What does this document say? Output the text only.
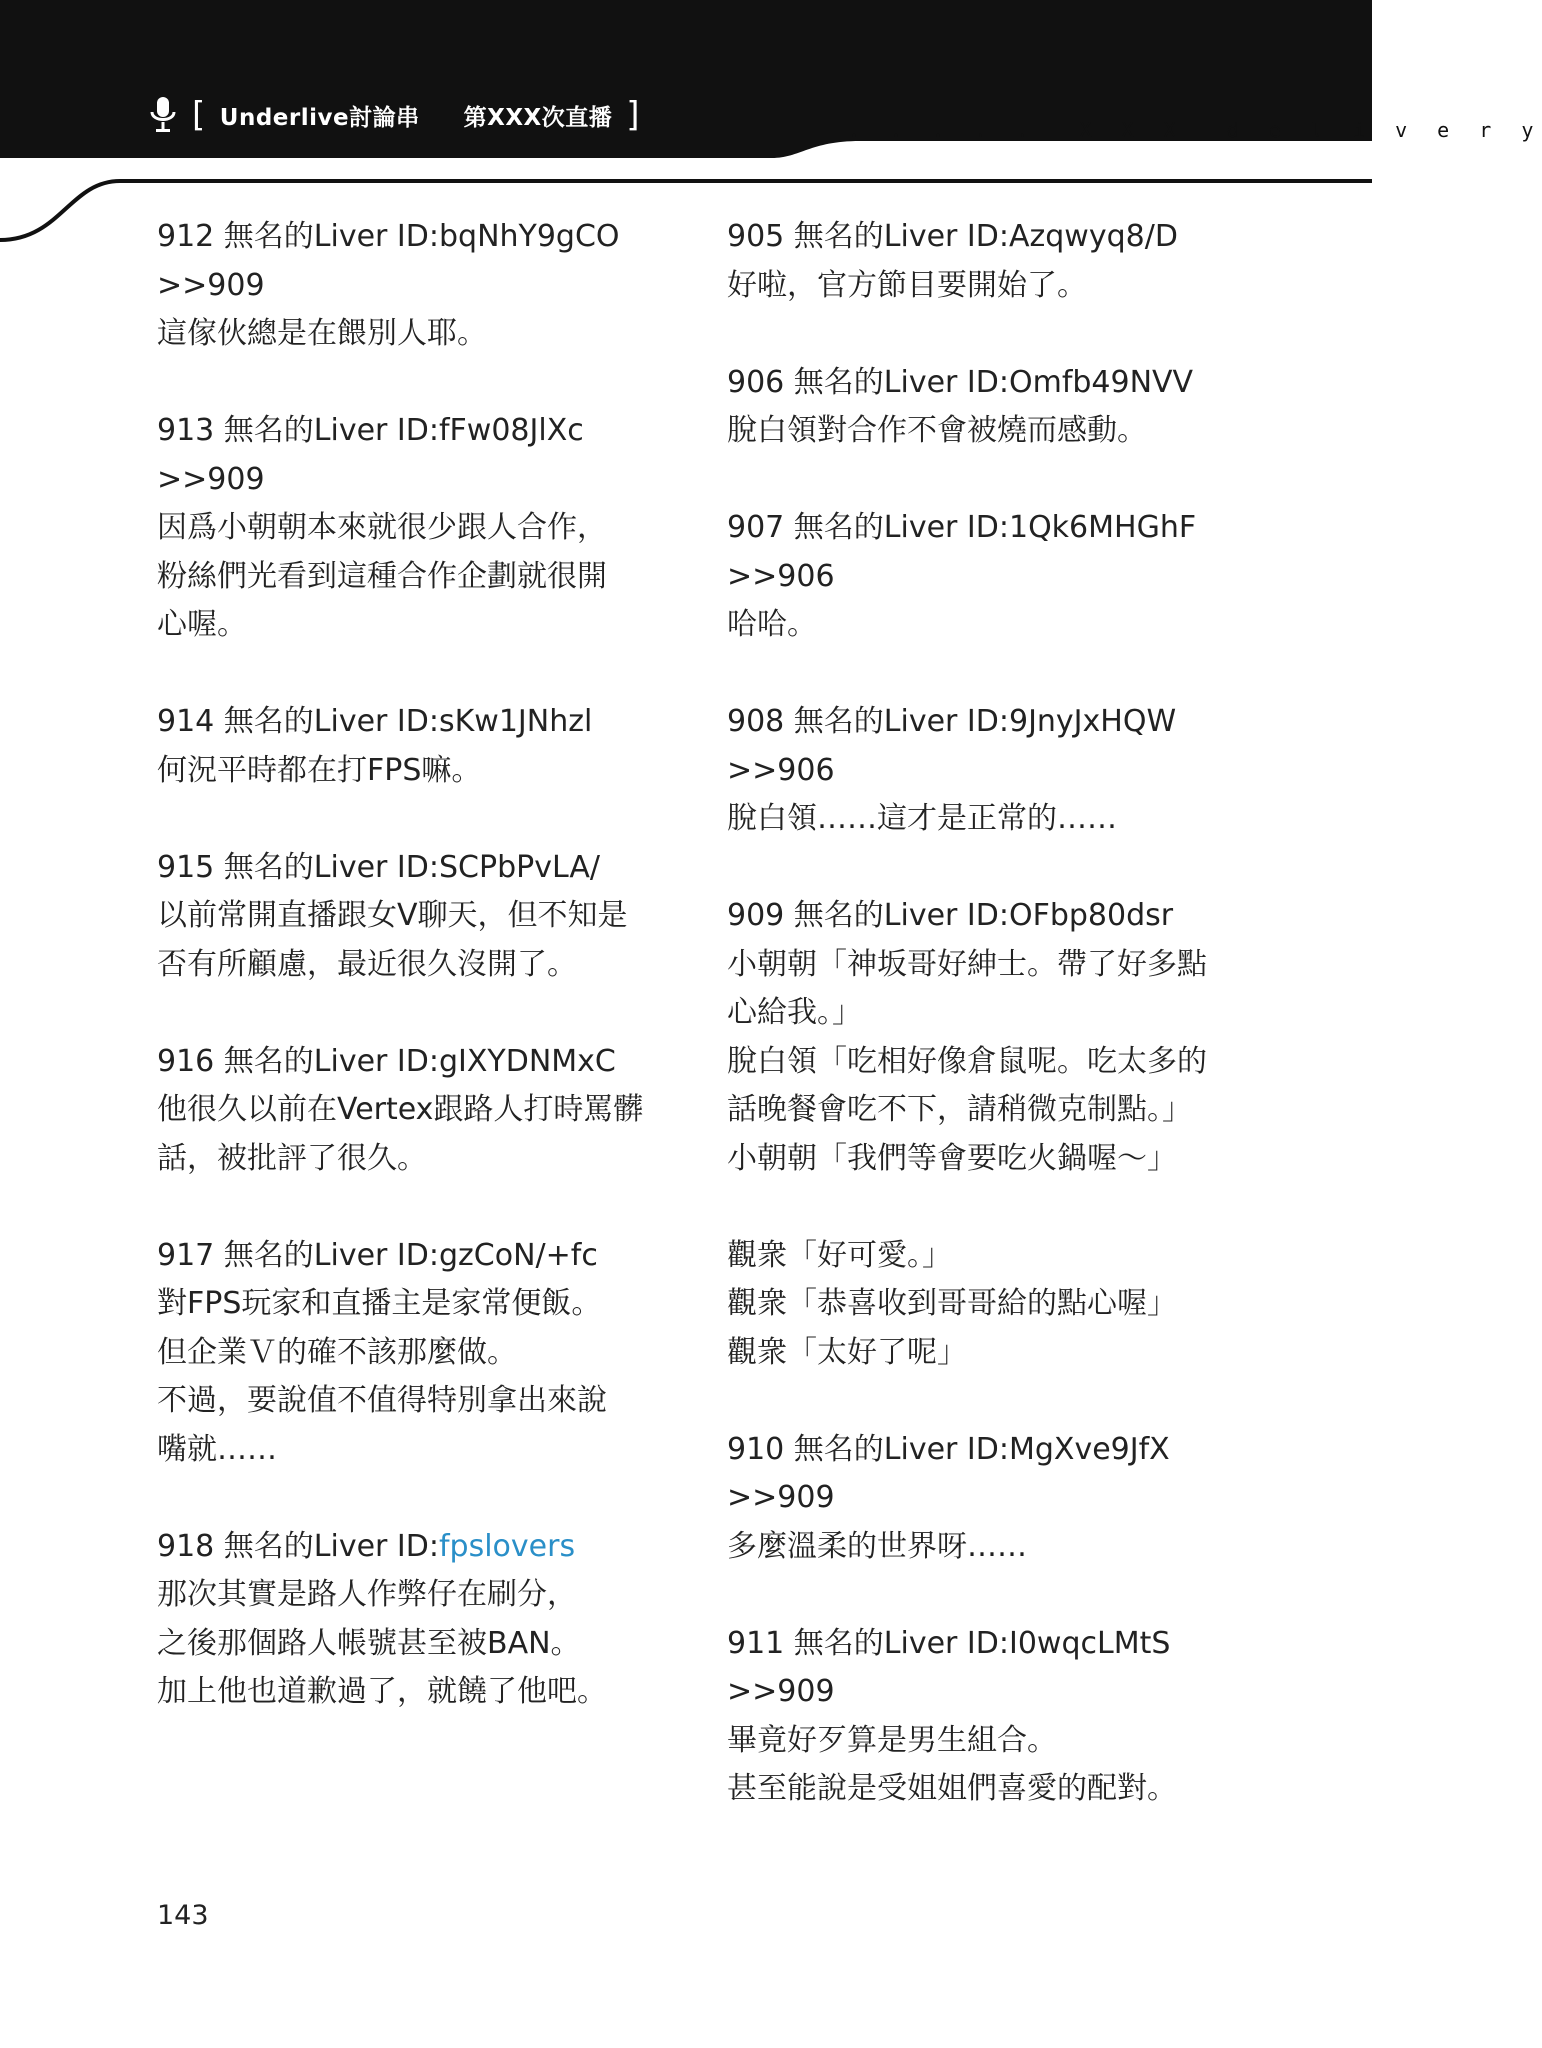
[ Underlive討論串 第XXX次直播 ]	. . . . .  X X X  d e l i v e r y
912 無名的Liver ID:bqNhY9gCO
>>909
這傢伙總是在餵別人耶。
913 無名的Liver ID:fFw08JlXc
>>909
因爲小朝朝本來就很少跟人合作，
粉絲們光看到這種合作企劃就很開
心喔。
914 無名的Liver ID:sKw1JNhzl
何況平時都在打FPS嘛。
915 無名的Liver ID:SCPbPvLA/
以前常開直播跟女V聊天，但不知是
否有所顧慮，最近很久沒開了。
916 無名的Liver ID:gIXYDNMxC
他很久以前在Vertex跟路人打時罵髒
話，被批評了很久。
917 無名的Liver ID:gzCoN/+fc
對FPS玩家和直播主是家常便飯。
但企業Ｖ的確不該那麼做。
不過，要說值不值得特別拿出來說
嘴就……
918 無名的Liver ID:fpslovers
那次其實是路人作弊仔在刷分，
之後那個路人帳號甚至被BAN。
加上他也道歉過了，就饒了他吧。
905 無名的Liver ID:Azqwyq8/D
好啦，官方節目要開始了。
906 無名的Liver ID:Omfb49NVV
脫白領對合作不會被燒而感動。
907 無名的Liver ID:1Qk6MHGhF
>>906
哈哈。
908 無名的Liver ID:9JnyJxHQW
>>906
脫白領……這才是正常的……
909 無名的Liver ID:OFbp80dsr
小朝朝「神坂哥好紳士。帶了好多點
心給我。」
脫白領「吃相好像倉鼠呢。吃太多的
話晚餐會吃不下，請稍微克制點。」
小朝朝「我們等會要吃火鍋喔～」
觀衆「好可愛。」
觀衆「恭喜收到哥哥給的點心喔」
觀衆「太好了呢」
910 無名的Liver ID:MgXve9JfX
>>909
多麼溫柔的世界呀……
911 無名的Liver ID:I0wqcLMtS
>>909
畢竟好歹算是男生組合。
甚至能說是受姐姐們喜愛的配對。
143
